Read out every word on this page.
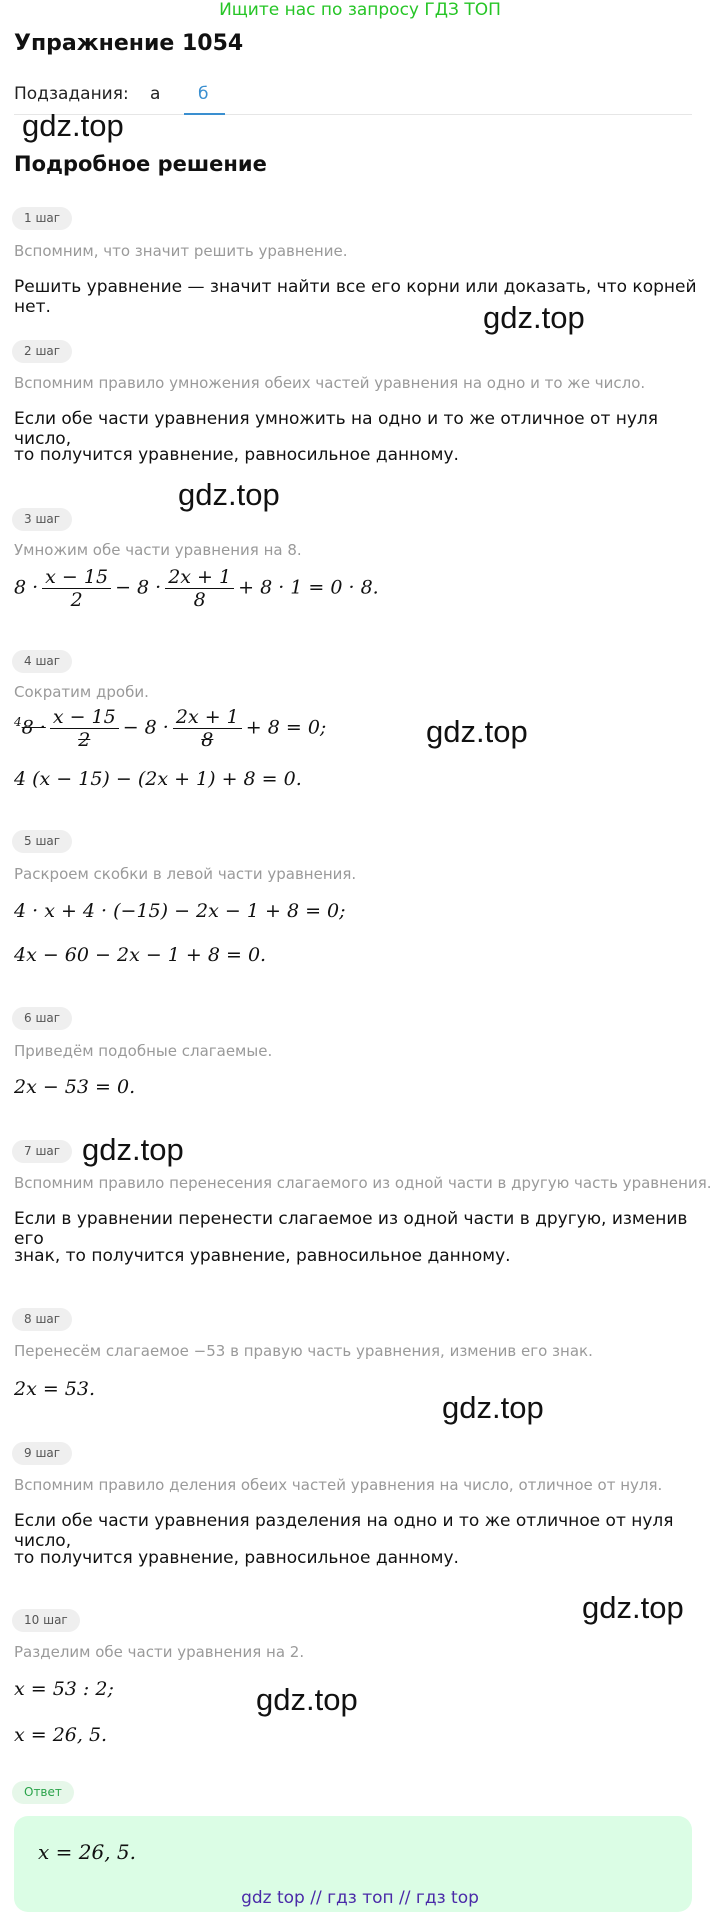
Ищите нас по запросу ГДЗ ТОП
Упражнение 1054
Подзадания: а б
gdz.top
Подробное решение
1 шаг
Вспомним, что значит решить уравнение.
Решить уравнение — значит найти все его корни или доказать, что корней нет.	gdz.top
2 шаг
Вспомним правило умножения обеих частей уравнения на одно и то же число.
Если обе части уравнения умножить на одно и то же отличное от нуля число,
то получится уравнение, равносильное данному.
gdz.top
3 шаг
Умножим обе части уравнения на 8.
$8 \cdot \frac{x - 15}{2} - 8 \cdot \frac{2x + 1}{8} + 8 \cdot 1 = 0 \cdot 8$.
4 шаг
Сократим дроби.
$^48 \cdot \frac{x - 15}{2} - 8 \cdot \frac{2x + 1}{8} + 8 = 0$;	gdz.top
4 (x − 15) − (2x + 1) + 8 = 0.
5 шаг
Раскроем скобки в левой части уравнения.
4 · x + 4 · (−15) − 2x − 1 + 8 = 0;
4x − 60 − 2x − 1 + 8 = 0.
6 шаг
Приведём подобные слагаемые.
2x − 53 = 0.
7 шаг gdz.top
Вспомним правило перенесения слагаемого из одной части в другую часть уравнения.
Если в уравнении перенести слагаемое из одной части в другую, изменив его
знак, то получится уравнение, равносильное данному.
8 шаг
Перенесём слагаемое −53 в правую часть уравнения, изменив его знак.
2x = 53.
gdz.top
9 шаг
Вспомним правило деления обеих частей уравнения на число, отличное от нуля.
Если обе части уравнения разделения на одно и то же отличное от нуля число,
то получится уравнение, равносильное данному.
gdz.top
10 шаг
Разделим обе части уравнения на 2.
x = 53 : 2;	gdz.top
x = 26, 5.
Ответ
x = 26, 5.
gdz top // гдз топ // гдз top
